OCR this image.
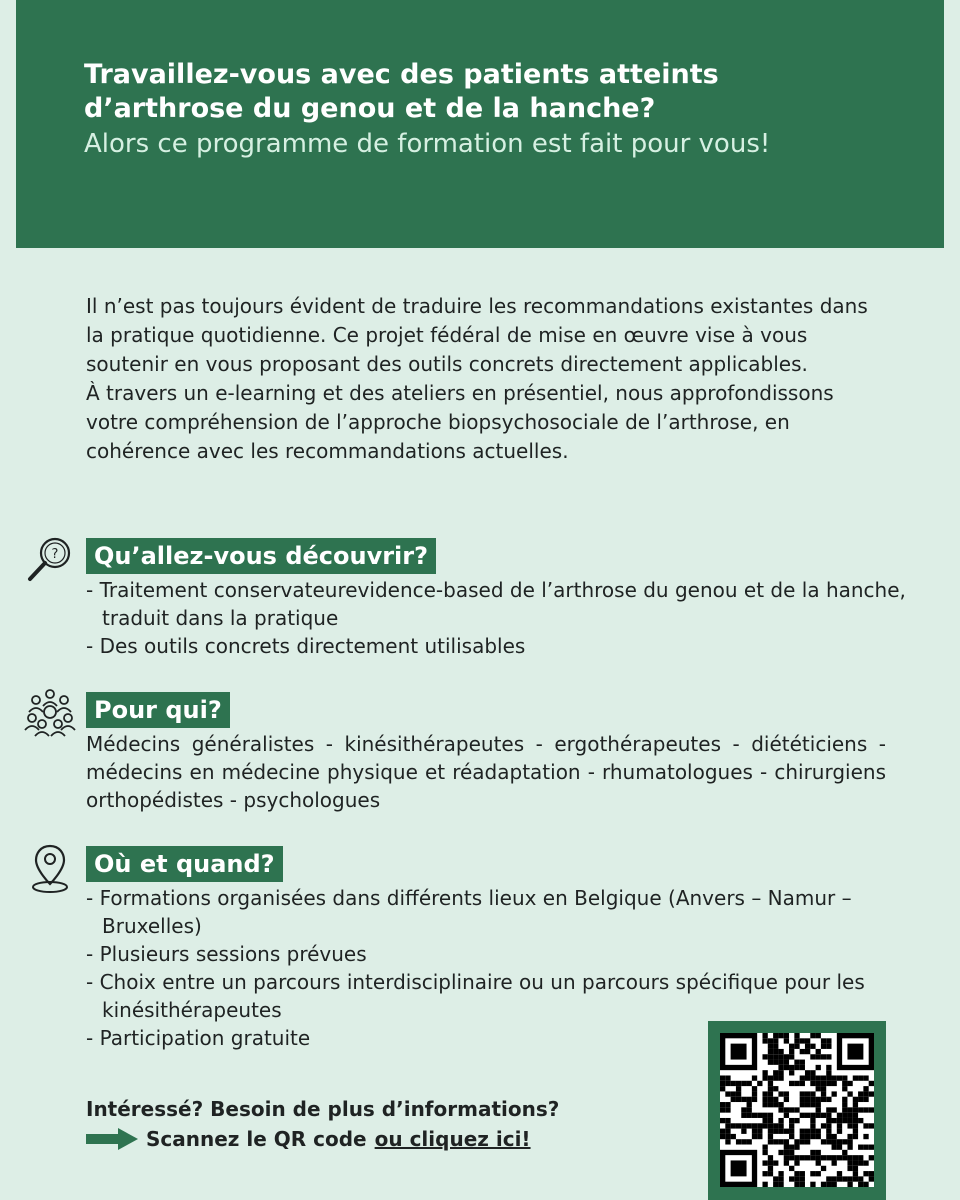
Travaillez-vous avec des patients atteints d’arthrose du genou et de la hanche?

Alors ce programme de formation est fait pour vous!

Il n’est pas toujours évident de traduire les recommandations existantes dans la pratique quotidienne. Ce projet fédéral de mise en œuvre vise à vous soutenir en vous proposant des outils concrets directement applicables.
À travers un e-learning et des ateliers en présentiel, nous approfondissons votre compréhension de l’approche biopsychosociale de l’arthrose, en cohérence avec les recommandations actuelles.
? Qu’allez-vous découvrir?
- Traitement conservateurevidence-based de l’arthrose du genou et de la hanche, traduit dans la pratique
- Des outils concrets directement utilisables
Pour qui?

Médecins généralistes - kinésithérapeutes - ergothérapeutes - diététiciens - médecins en médecine physique et réadaptation - rhumatologues - chirurgiens orthopédistes - psychologues

Où et quand?
- Formations organisées dans différents lieux en Belgique (Anvers – Namur – Bruxelles)
- Plusieurs sessions prévues
- Choix entre un parcours interdisciplinaire ou un parcours spécifique pour les kinésithérapeutes
- Participation gratuite
Intéressé? Besoin de plus d’informations?
Scannez le QR code ou cliquez ici!
